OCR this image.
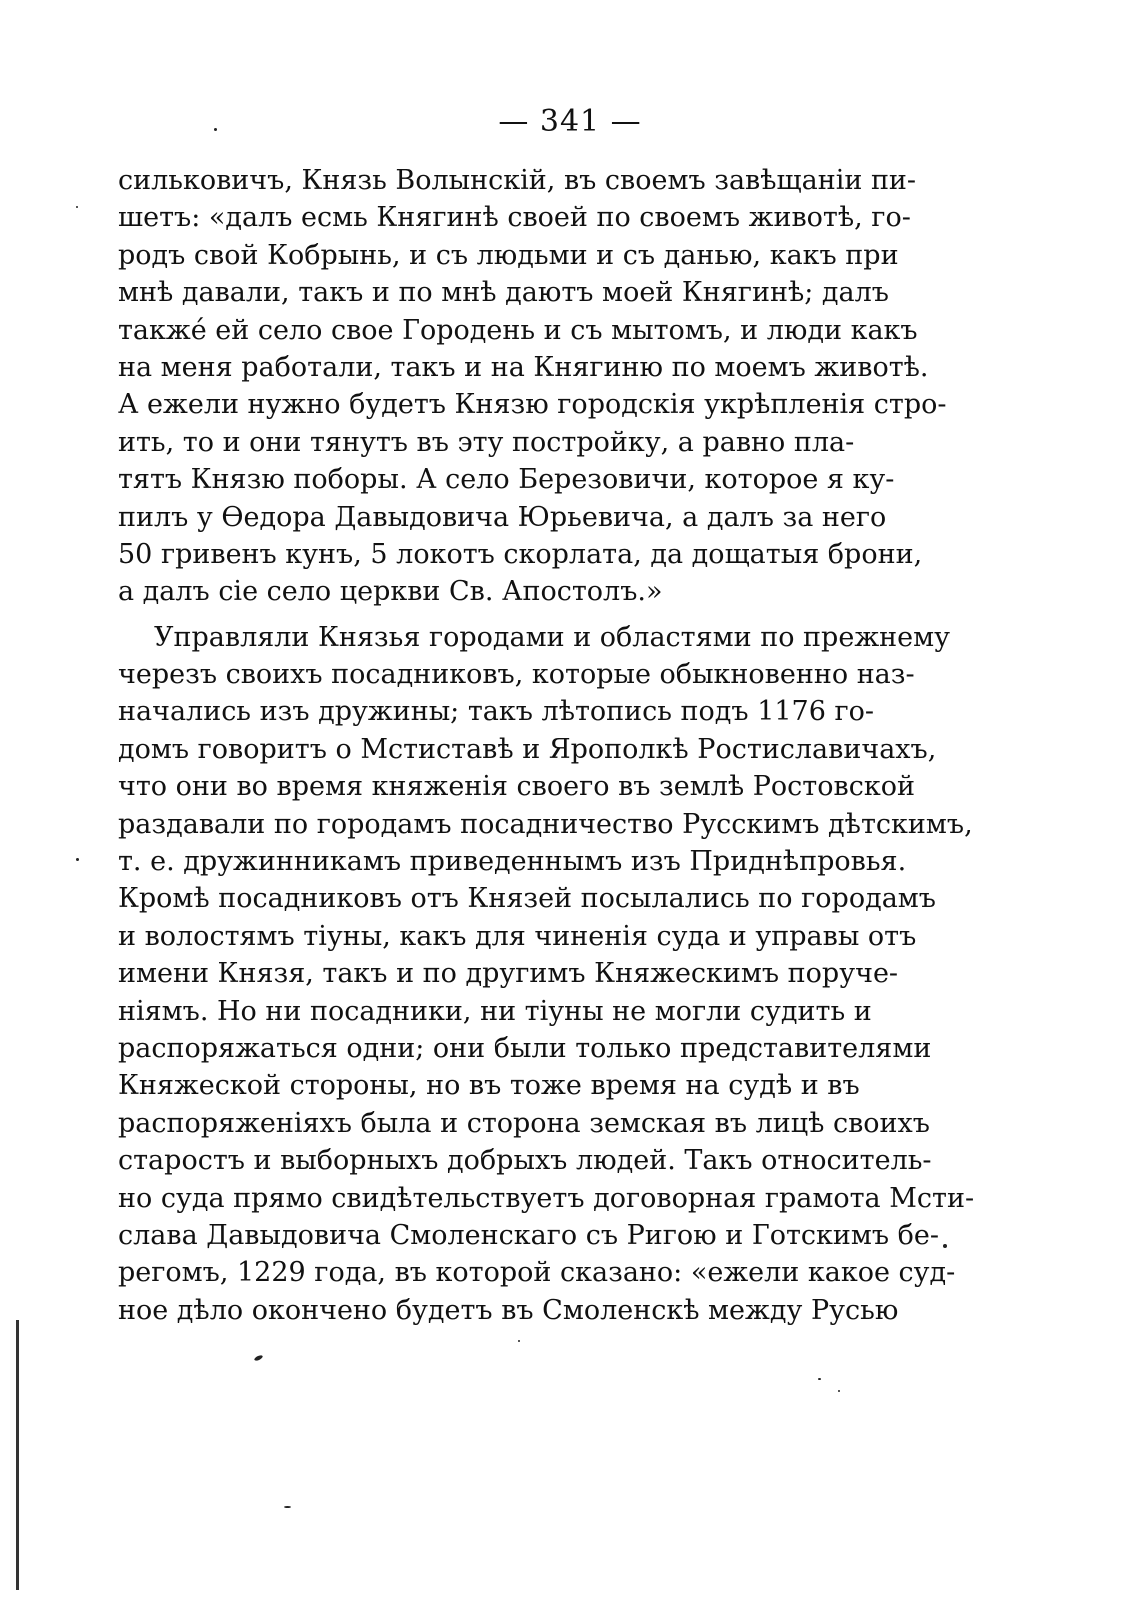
— 341 —
сильковичъ, Князь Волынскій, въ своемъ завѣщаніи пи-
шетъ: «далъ есмь Княгинѣ своей по своемъ животѣ, го-
родъ свой Кобрынь, и съ людьми и съ данью, какъ при
мнѣ давали, такъ и по мнѣ даютъ моей Княгинѣ; далъ
такжé ей село свое Городень и съ мытомъ, и люди какъ
на меня работали, такъ и на Княгиню по моемъ животѣ.
А ежели нужно будетъ Князю городскія укрѣпленія стро-
ить, то и они тянутъ въ эту постройку, а равно пла-
тятъ Князю поборы. А село Березовичи, которое я ку-
пилъ у Ѳедора Давыдовича Юрьевича, а далъ за него
50 гривенъ кунъ, 5 локотъ скорлата, да дощатыя брони,
а далъ сіе село церкви Св. Апостолъ.»
Управляли Князья городами и областями по прежнему
черезъ своихъ посадниковъ, которые обыкновенно наз-
начались изъ дружины; такъ лѣтопись подъ 1176 го-
домъ говоритъ о Мстиставѣ и Ярополкѣ Ростиславичахъ,
что они во время княженія своего въ землѣ Ростовской
раздавали по городамъ посадничество Русскимъ дѣтскимъ,
т. е. дружинникамъ приведеннымъ изъ Приднѣпровья.
Кромѣ посадниковъ отъ Князей посылались по городамъ
и волостямъ тіуны, какъ для чиненія суда и управы отъ
имени Князя, такъ и по другимъ Княжескимъ поруче-
ніямъ. Но ни посадники, ни тіуны не могли судить и
распоряжаться одни; они были только представителями
Княжеской стороны, но въ тоже время на судѣ и въ
распоряженіяхъ была и сторона земская въ лицѣ своихъ
старостъ и выборныхъ добрыхъ людей. Такъ относитель-
но суда прямо свидѣтельствуетъ договорная грамота Мсти-
слава Давыдовича Смоленскаго съ Ригою и Готскимъ бе-
регомъ, 1229 года, въ которой сказано: «ежели какое суд-
ное дѣло окончено будетъ въ Смоленскѣ между Русью
